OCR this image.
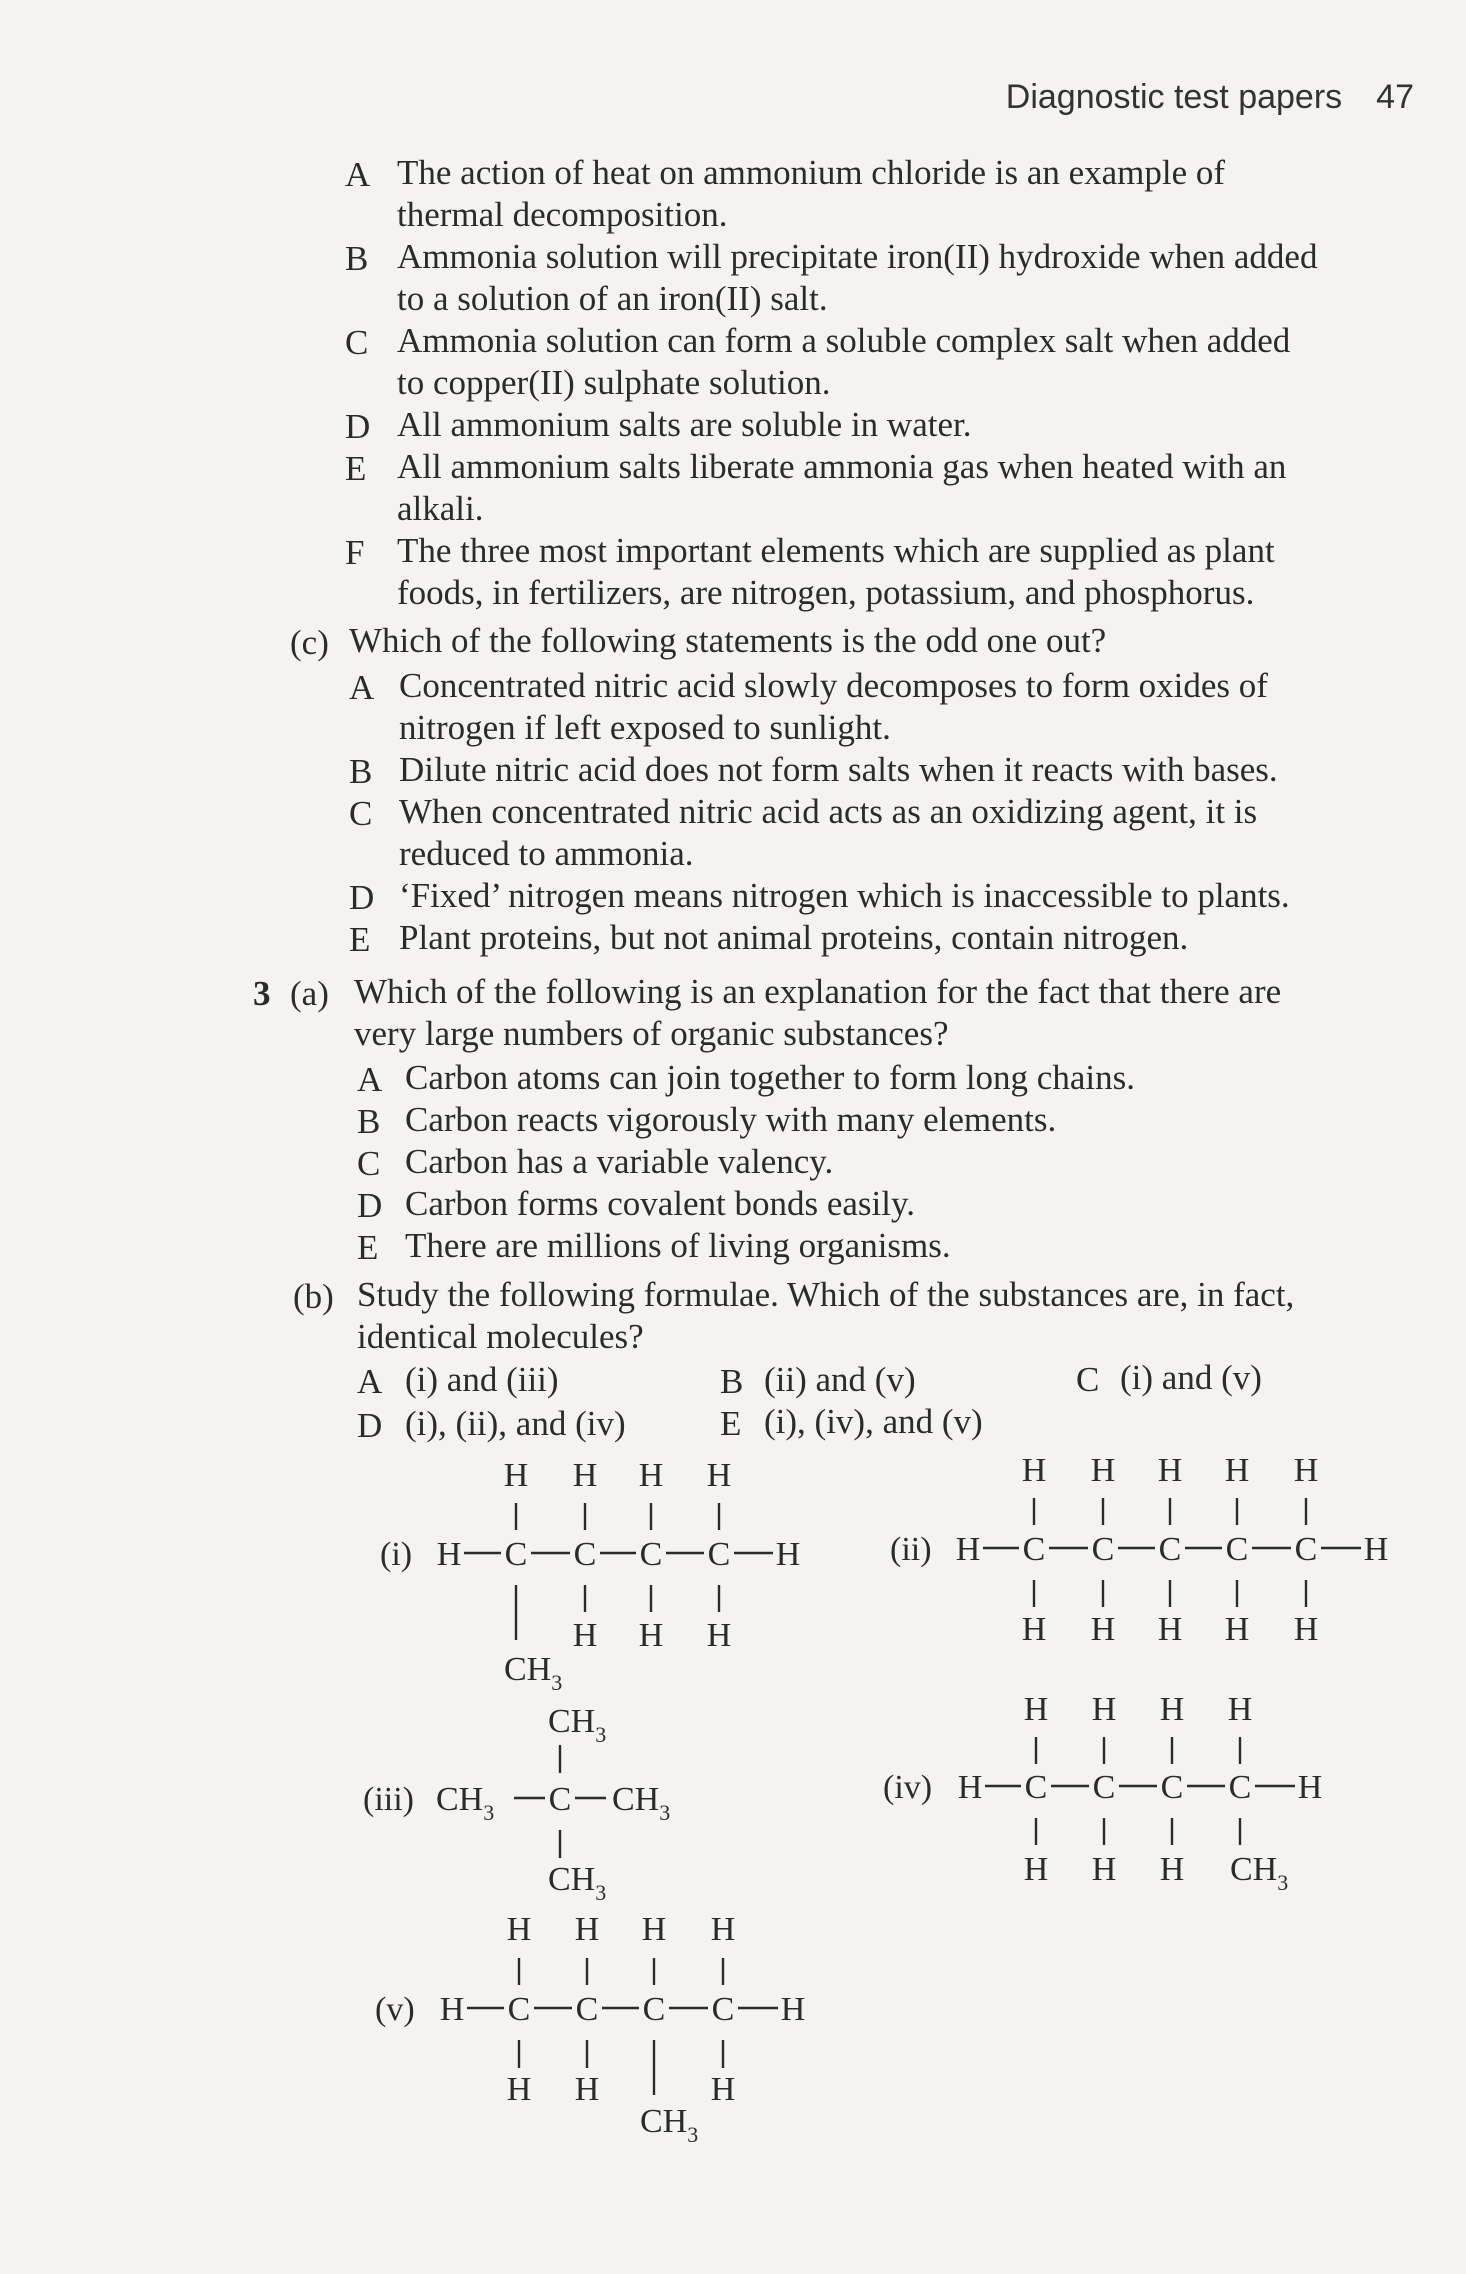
Diagnostic test papers 47
A The action of heat on ammonium chloride is an example of
thermal decomposition.
B Ammonia solution will precipitate iron(II) hydroxide when added
to a solution of an iron(II) salt.
C Ammonia solution can form a soluble complex salt when added
to copper(II) sulphate solution.
D All ammonium salts are soluble in water.
E All ammonium salts liberate ammonia gas when heated with an
alkali.
F The three most important elements which are supplied as plant
foods, in fertilizers, are nitrogen, potassium, and phosphorus.
(c) Which of the following statements is the odd one out?
A Concentrated nitric acid slowly decomposes to form oxides of
nitrogen if left exposed to sunlight.
B Dilute nitric acid does not form salts when it reacts with bases.
C When concentrated nitric acid acts as an oxidizing agent, it is
reduced to ammonia.
D ‘Fixed’ nitrogen means nitrogen which is inaccessible to plants.
E Plant proteins, but not animal proteins, contain nitrogen.
3 (a) Which of the following is an explanation for the fact that there are
very large numbers of organic substances?
A Carbon atoms can join together to form long chains.
B Carbon reacts vigorously with many elements.
C Carbon has a variable valency.
D Carbon forms covalent bonds easily.
E There are millions of living organisms.
(b) Study the following formulae. Which of the substances are, in fact,
identical molecules?
A (i) and (iii)	B (ii) and (v)	C (i) and (v)
D (i), (ii), and (iv)	E (i), (iv), and (v)
(i) H C C C C H
H H H H
H H H
$CH_3$
(ii) H C C C C C H
H
H
H
H
H
H
H
H
H
H
(iii) $CH_3$ C $CH_3$
$CH_3$
$CH_3$
(iv) H C C C C H
H H H H
H H H $CH_3$
(v) H C C C C H
H H H H
H H	H
$CH_3$
